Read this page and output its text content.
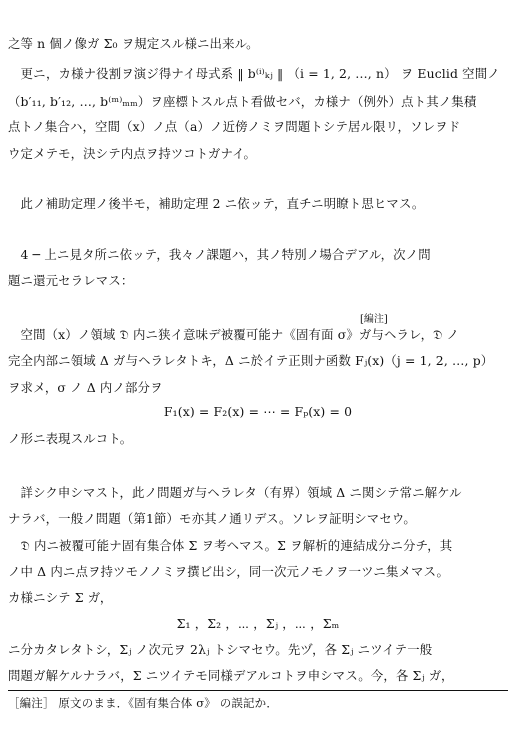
之等 n 個ノ像ガ Σ₀ ヲ規定スル様ニ出来ル。
　更ニ，カ様ナ役割ヲ演ジ得ナイ母式系 ‖ b⁽ⁱ⁾ₖⱼ ‖ （i = 1, 2, …, n） ヲ Euclid 空間ノ
（b′₁₁, b′₁₂, …, b⁽ᵐ⁾ₘₘ）ヲ座標トスル点ト看做セバ，カ様ナ（例外）点ト其ノ集積
点トノ集合ハ，空間（x）ノ点（a）ノ近傍ノミヲ問題トシテ居ル限リ，ソレヲド
ウ定メテモ，決シテ内点ヲ持ツコトガナイ。
　此ノ補助定理ノ後半モ，補助定理 2 ニ依ッテ，直チニ明瞭ト思ヒマス。
　4 ─ 上ニ見タ所ニ依ッテ，我々ノ課題ハ，其ノ特別ノ場合デアル，次ノ問
題ニ還元セラレマス：
[編注]
　空間（x）ノ領域 𝔇 内ニ狭イ意味デ被覆可能ナ《固有面 σ》ガ与ヘラレ，𝔇 ノ
完全内部ニ領域 Δ ガ与ヘラレタトキ，Δ ニ於イテ正則ナ函数 Fⱼ(x)（j = 1, 2, …, p）
ヲ求メ，σ ノ Δ 内ノ部分ヲ
F₁(x) = F₂(x) = ⋯ = Fₚ(x) = 0
ノ形ニ表現スルコト。
　詳シク申シマスト，此ノ問題ガ与ヘラレタ（有界）領域 Δ ニ関シテ常ニ解ケル
ナラバ，一般ノ問題（第1節）モ亦其ノ通リデス。ソレヲ証明シマセウ。
　𝔇 内ニ被覆可能ナ固有集合体 Σ ヲ考ヘマス。Σ ヲ解析的連結成分ニ分チ，其
ノ中 Δ 内ニ点ヲ持ツモノノミヲ撰ビ出シ，同一次元ノモノヲ一ツニ集メマス。
カ様ニシテ Σ ガ，
Σ₁ ，Σ₂ ，⋯ ，Σⱼ ，⋯ ，Σₘ
ニ分カタレタトシ，Σⱼ ノ次元ヲ 2λⱼ トシマセウ。先ヅ，各 Σⱼ ニツイテ一般
問題ガ解ケルナラバ，Σ ニツイテモ同様デアルコトヲ申シマス。今，各 Σⱼ ガ，
［編注］ 原文のまま．《固有集合体 σ》 の誤記か．
